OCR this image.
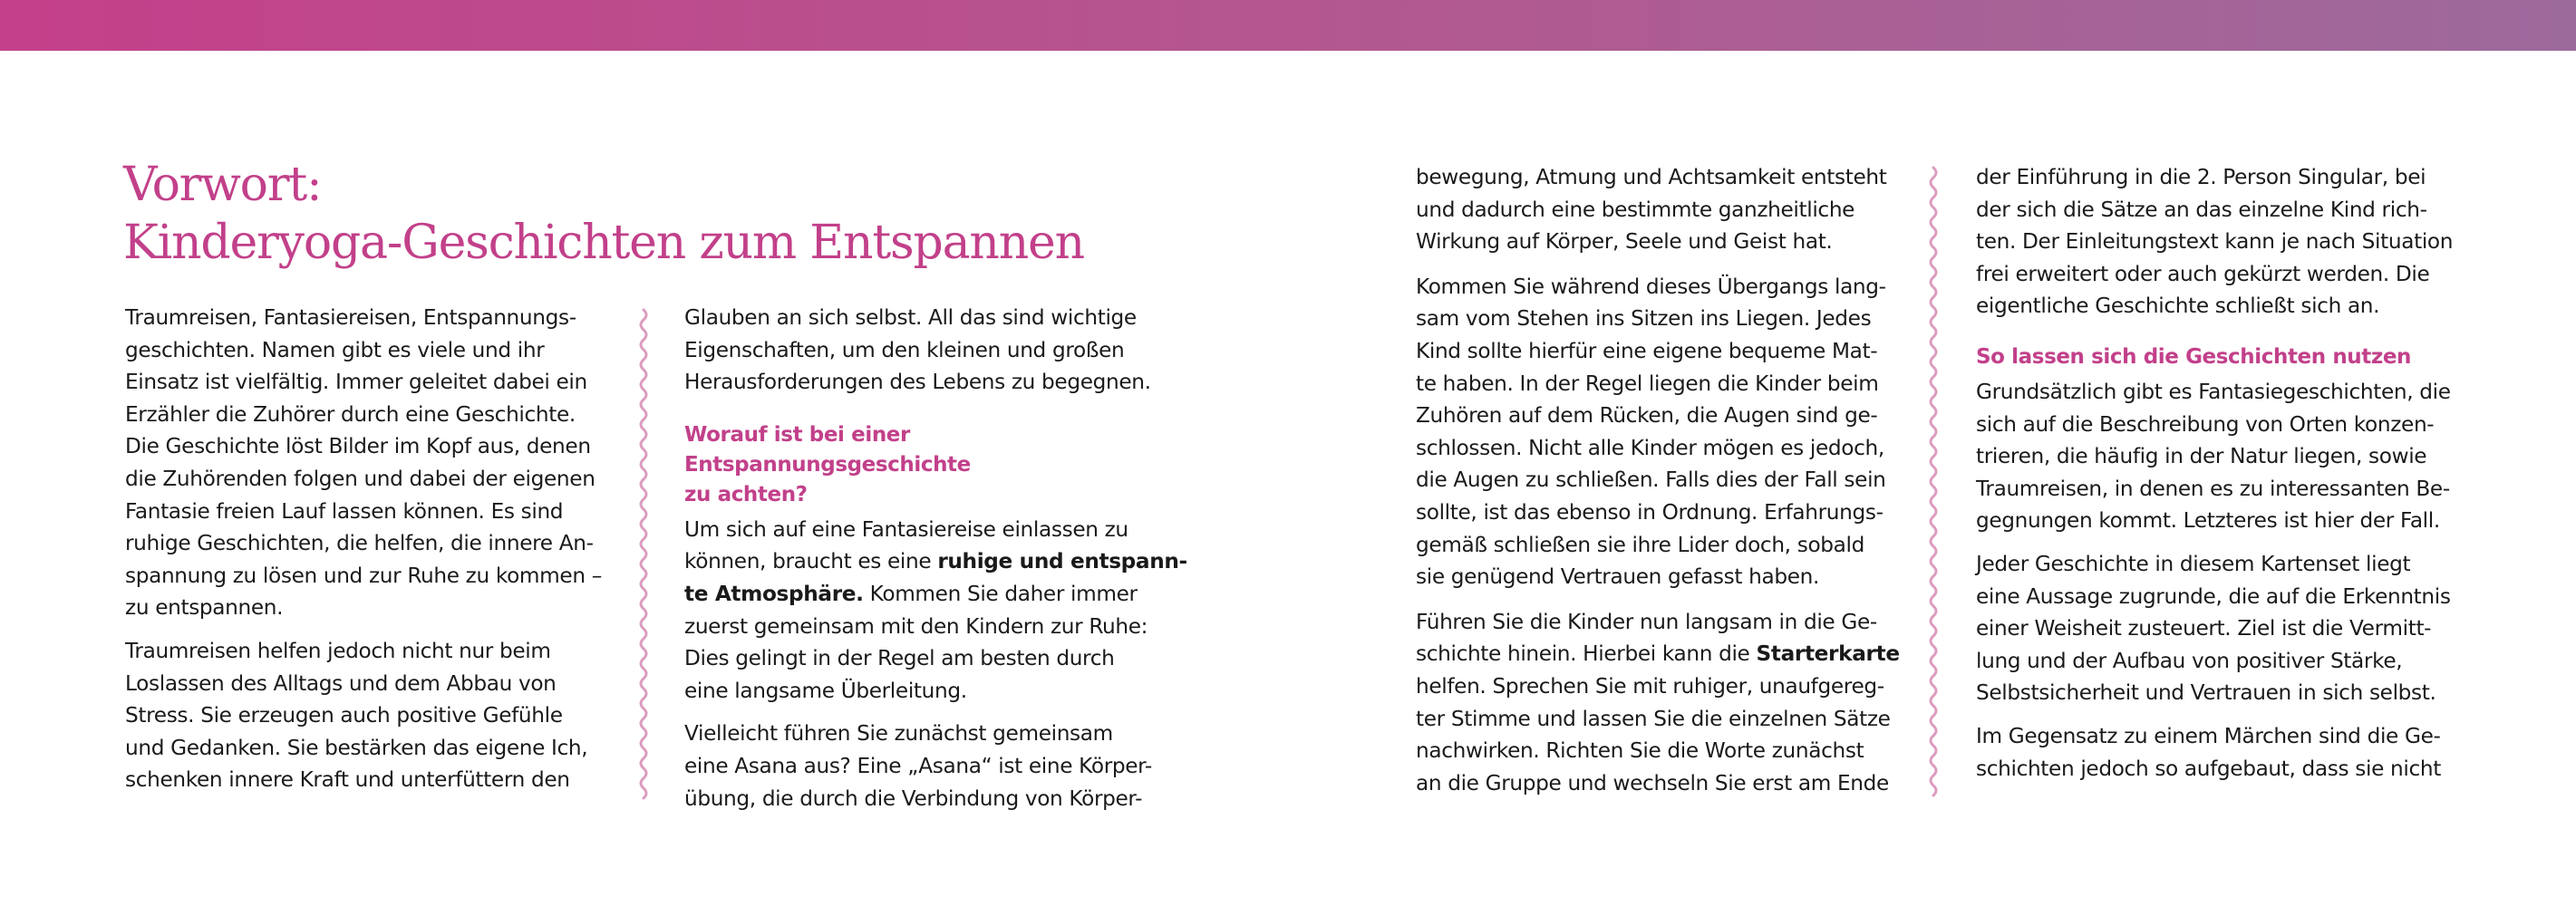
Vorwort:
Kinderyoga-Geschichten zum Entspannen

Traumreisen, Fantasiereisen, Entspannungs-
geschichten. Namen gibt es viele und ihr
Einsatz ist vielfältig. Immer geleitet dabei ein
Erzähler die Zuhörer durch eine Geschichte.
Die Geschichte löst Bilder im Kopf aus, denen
die Zuhörenden folgen und dabei der eigenen
Fantasie freien Lauf lassen können. Es sind
ruhige Geschichten, die helfen, die innere An-
spannung zu lösen und zur Ruhe zu kommen –
zu entspannen.

Traumreisen helfen jedoch nicht nur beim
Loslassen des Alltags und dem Abbau von
Stress. Sie erzeugen auch positive Gefühle
und Gedanken. Sie bestärken das eigene Ich,
schenken innere Kraft und unterfüttern den

Glauben an sich selbst. All das sind wichtige
Eigenschaften, um den kleinen und großen
Herausforderungen des Lebens zu begegnen.

Worauf ist bei einer Entspannungsgeschichte
zu achten?

Um sich auf eine Fantasiereise einlassen zu
können, braucht es eine ruhige und entspann-
te Atmosphäre. Kommen Sie daher immer
zuerst gemeinsam mit den Kindern zur Ruhe:
Dies gelingt in der Regel am besten durch
eine langsame Überleitung.

Vielleicht führen Sie zunächst gemeinsam
eine Asana aus? Eine „Asana“ ist eine Körper-
übung, die durch die Verbindung von Körper-

bewegung, Atmung und Achtsamkeit entsteht
und dadurch eine bestimmte ganzheitliche
Wirkung auf Körper, Seele und Geist hat.

Kommen Sie während dieses Übergangs lang-
sam vom Stehen ins Sitzen ins Liegen. Jedes
Kind sollte hierfür eine eigene bequeme Mat-
te haben. In der Regel liegen die Kinder beim
Zuhören auf dem Rücken, die Augen sind ge-
schlossen. Nicht alle Kinder mögen es jedoch,
die Augen zu schließen. Falls dies der Fall sein
sollte, ist das ebenso in Ordnung. Erfahrungs-
gemäß schließen sie ihre Lider doch, sobald
sie genügend Vertrauen gefasst haben.

Führen Sie die Kinder nun langsam in die Ge-
schichte hinein. Hierbei kann die Starterkarte
helfen. Sprechen Sie mit ruhiger, unaufgereg-
ter Stimme und lassen Sie die einzelnen Sätze
nachwirken. Richten Sie die Worte zunächst
an die Gruppe und wechseln Sie erst am Ende

der Einführung in die 2. Person Singular, bei
der sich die Sätze an das einzelne Kind rich-
ten. Der Einleitungstext kann je nach Situation
frei erweitert oder auch gekürzt werden. Die
eigentliche Geschichte schließt sich an.

So lassen sich die Geschichten nutzen

Grundsätzlich gibt es Fantasiegeschichten, die
sich auf die Beschreibung von Orten konzen-
trieren, die häufig in der Natur liegen, sowie
Traumreisen, in denen es zu interessanten Be-
gegnungen kommt. Letzteres ist hier der Fall.

Jeder Geschichte in diesem Kartenset liegt
eine Aussage zugrunde, die auf die Erkenntnis
einer Weisheit zusteuert. Ziel ist die Vermitt-
lung und der Aufbau von positiver Stärke,
Selbstsicherheit und Vertrauen in sich selbst.

Im Gegensatz zu einem Märchen sind die Ge-
schichten jedoch so aufgebaut, dass sie nicht
